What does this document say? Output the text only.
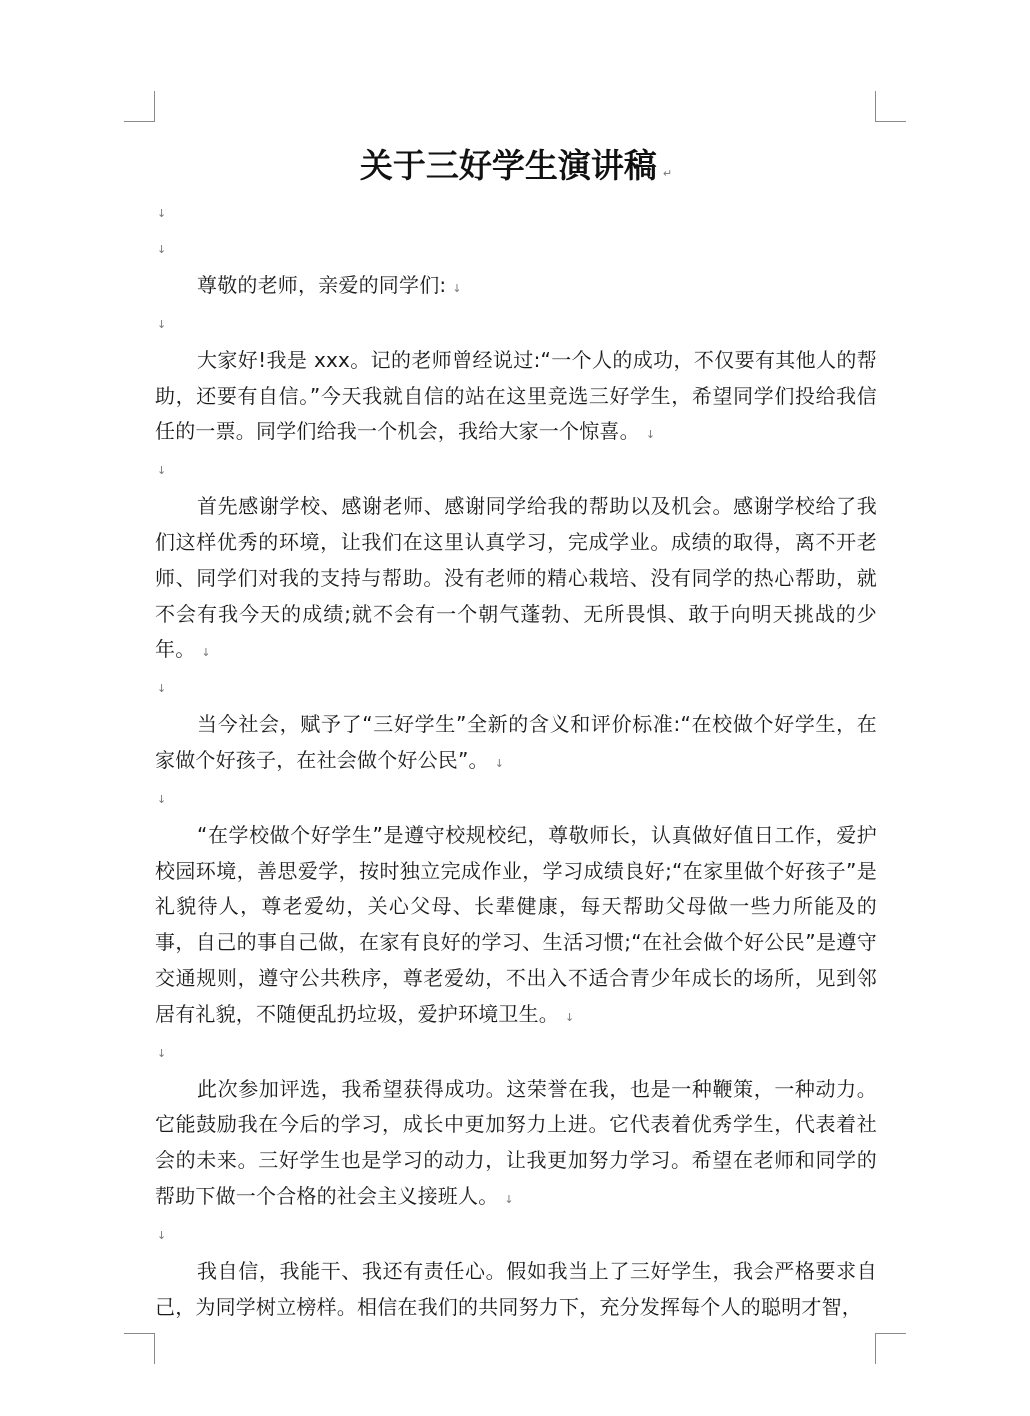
关于三好学生演讲稿 ↵
↓
↓
尊敬的老师，亲爱的同学们: ↓
↓
大家好!我是 xxx。记的老师曾经说过:“一个人的成功，不仅要有其他人的帮助，还要有自信。”今天我就自信的站在这里竞选三好学生，希望同学们投给我信任的一票。同学们给我一个机会，我给大家一个惊喜。 ↓
↓
首先感谢学校、感谢老师、感谢同学给我的帮助以及机会。感谢学校给了我们这样优秀的环境，让我们在这里认真学习，完成学业。成绩的取得，离不开老师、同学们对我的支持与帮助。没有老师的精心栽培、没有同学的热心帮助，就不会有我今天的成绩;就不会有一个朝气蓬勃、无所畏惧、敢于向明天挑战的少年。 ↓
↓
当今社会，赋予了“三好学生”全新的含义和评价标准:“在校做个好学生，在家做个好孩子，在社会做个好公民”。 ↓
↓
“在学校做个好学生”是遵守校规校纪，尊敬师长，认真做好值日工作，爱护校园环境，善思爱学，按时独立完成作业，学习成绩良好;“在家里做个好孩子”是礼貌待人，尊老爱幼，关心父母、长辈健康，每天帮助父母做一些力所能及的事，自己的事自己做，在家有良好的学习、生活习惯;“在社会做个好公民”是遵守交通规则，遵守公共秩序，尊老爱幼，不出入不适合青少年成长的场所，见到邻居有礼貌，不随便乱扔垃圾，爱护环境卫生。 ↓
↓
此次参加评选，我希望获得成功。这荣誉在我，也是一种鞭策，一种动力。它能鼓励我在今后的学习，成长中更加努力上进。它代表着优秀学生，代表着社会的未来。三好学生也是学习的动力，让我更加努力学习。希望在老师和同学的帮助下做一个合格的社会主义接班人。 ↓
↓
我自信，我能干、我还有责任心。假如我当上了三好学生，我会严格要求自己，为同学树立榜样。相信在我们的共同努力下，充分发挥每个人的聪明才智，
